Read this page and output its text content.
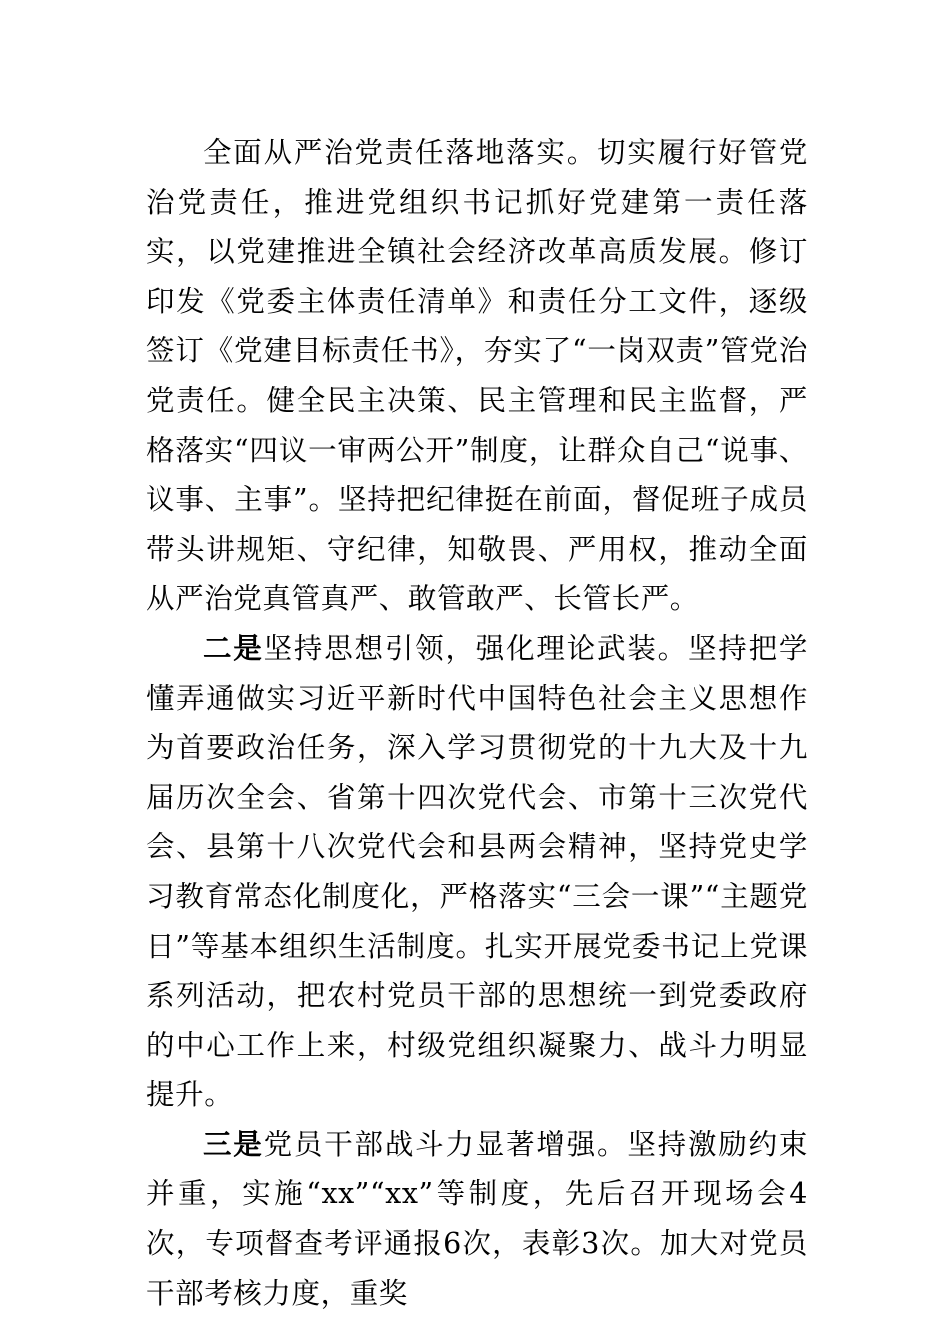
全面从严治党责任落地落实。切实履行好管党治党责任，推进党组织书记抓好党建第一责任落实，以党建推进全镇社会经济改革高质发展。修订印发《党委主体责任清单》和责任分工文件，逐级签订《党建目标责任书》，夯实了“一岗双责”管党治党责任。健全民主决策、民主管理和民主监督，严格落实“四议一审两公开”制度，让群众自己“说事、议事、主事”。坚持把纪律挺在前面，督促班子成员带头讲规矩、守纪律，知敬畏、严用权，推动全面从严治党真管真严、敢管敢严、长管长严。

二是坚持思想引领，强化理论武装。坚持把学懂弄通做实习近平新时代中国特色社会主义思想作为首要政治任务，深入学习贯彻党的十九大及十九届历次全会、省第十四次党代会、市第十三次党代会、县第十八次党代会和县两会精神，坚持党史学习教育常态化制度化，严格落实“三会一课”“主题党日”等基本组织生活制度。扎实开展党委书记上党课系列活动，把农村党员干部的思想统一到党委政府的中心工作上来，村级党组织凝聚力、战斗力明显提升。

三是党员干部战斗力显著增强。坚持激励约束并重，实施“xx”“xx”等制度，先后召开现场会4次，专项督查考评通报6次，表彰3次。加大对党员干部考核力度，重奖
